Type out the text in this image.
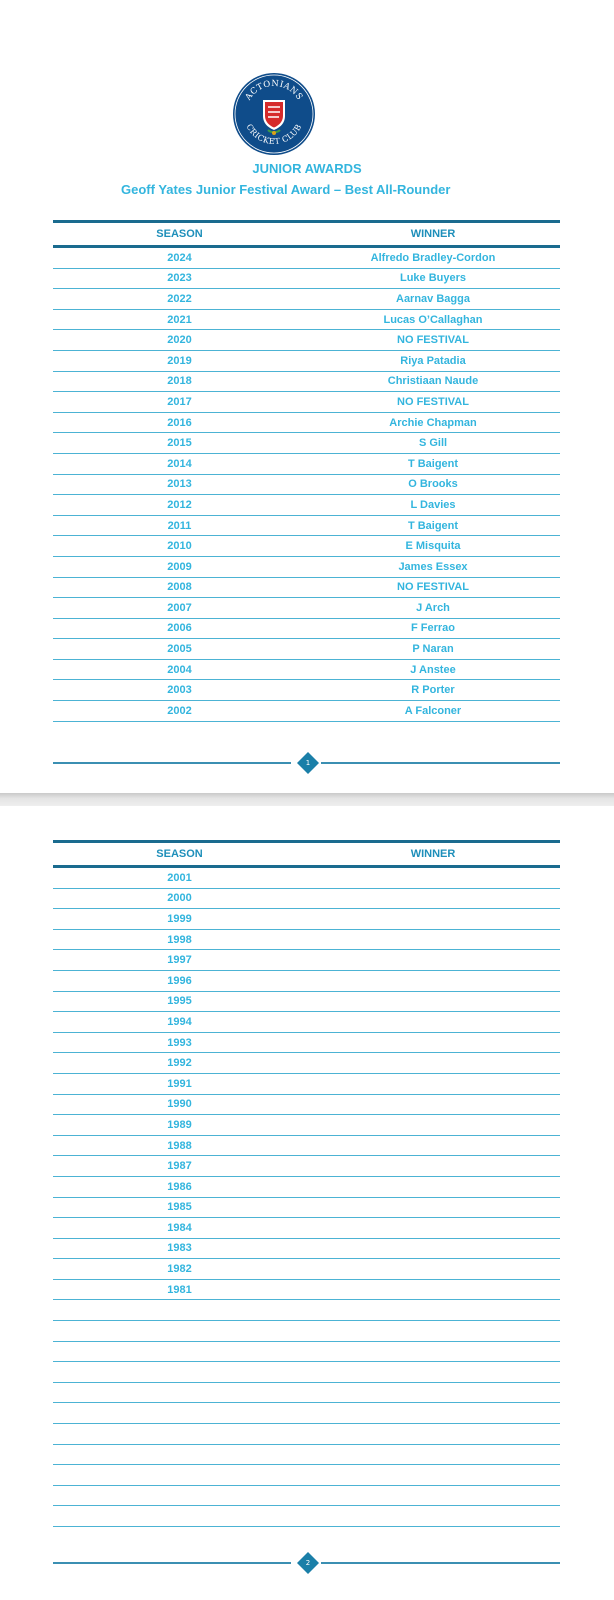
ACTONIANS
CRICKET CLUB
JUNIOR AWARDS
Geoff Yates Junior Festival Award – Best All-Rounder
SEASON	WINNER
2024	Alfredo Bradley-Cordon
2023	Luke Buyers
2022	Aarnav Bagga
2021	Lucas O’Callaghan
2020	NO FESTIVAL
2019	Riya Patadia
2018	Christiaan Naude
2017	NO FESTIVAL
2016	Archie Chapman
2015	S Gill
2014	T Baigent
2013	O Brooks
2012	L Davies
2011	T Baigent
2010	E Misquita
2009	James Essex
2008	NO FESTIVAL
2007	J Arch
2006	F Ferrao
2005	P Naran
2004	J Anstee
2003	R Porter
2002	A Falconer
1
SEASON	WINNER
2001	
2000	
1999	
1998	
1997	
1996	
1995	
1994	
1993	
1992	
1991	
1990	
1989	
1988	
1987	
1986	
1985	
1984	
1983	
1982	
1981	

2
